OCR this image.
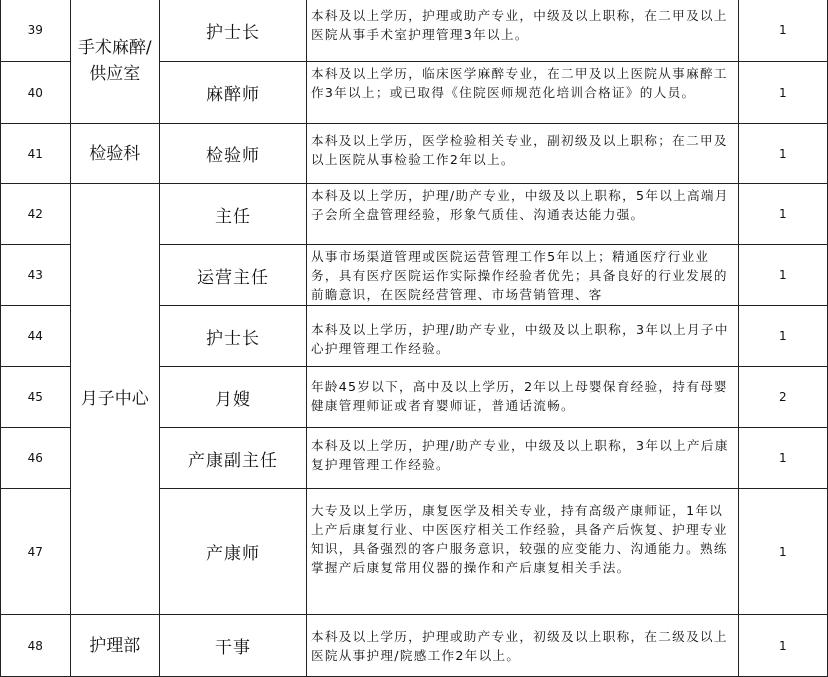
39	手术麻醉/供应室	护士长	本科及以上学历，护理或助产专业，中级及以上职称，在二甲及以上医院从事手术室护理管理3年以上。	1
40		麻醉师	本科及以上学历，临床医学麻醉专业，在二甲及以上医院从事麻醉工作3年以上；或已取得《住院医师规范化培训合格证》的人员。	1
41	检验科	检验师	本科及以上学历，医学检验相关专业，副初级及以上职称；在二甲及以上医院从事检验工作2年以上。	1
42	月子中心	主任	本科及以上学历，护理/助产专业，中级及以上职称，5年以上高端月子会所全盘管理经验，形象气质佳、沟通表达能力强。	1
43		运营主任	从事市场渠道管理或医院运营管理工作5年以上；精通医疗行业业务，具有医疗医院运作实际操作经验者优先；具备良好的行业发展的前瞻意识，在医院经营管理、市场营销管理、客	1
44		护士长	本科及以上学历，护理/助产专业，中级及以上职称，3年以上月子中心护理管理工作经验。	1
45		月嫂	年龄45岁以下，高中及以上学历，2年以上母婴保育经验，持有母婴健康管理师证或者育婴师证，普通话流畅。	2
46		产康副主任	本科及以上学历，护理/助产专业，中级及以上职称，3年以上产后康复护理管理工作经验。	1
47		产康师	大专及以上学历，康复医学及相关专业，持有高级产康师证，1年以上产后康复行业、中医医疗相关工作经验，具备产后恢复、护理专业知识，具备强烈的客户服务意识，较强的应变能力、沟通能力。熟练掌握产后康复常用仪器的操作和产后康复相关手法。	1
48	护理部	干事	本科及以上学历，护理或助产专业，初级及以上职称，在二级及以上医院从事护理/院感工作2年以上。	1
